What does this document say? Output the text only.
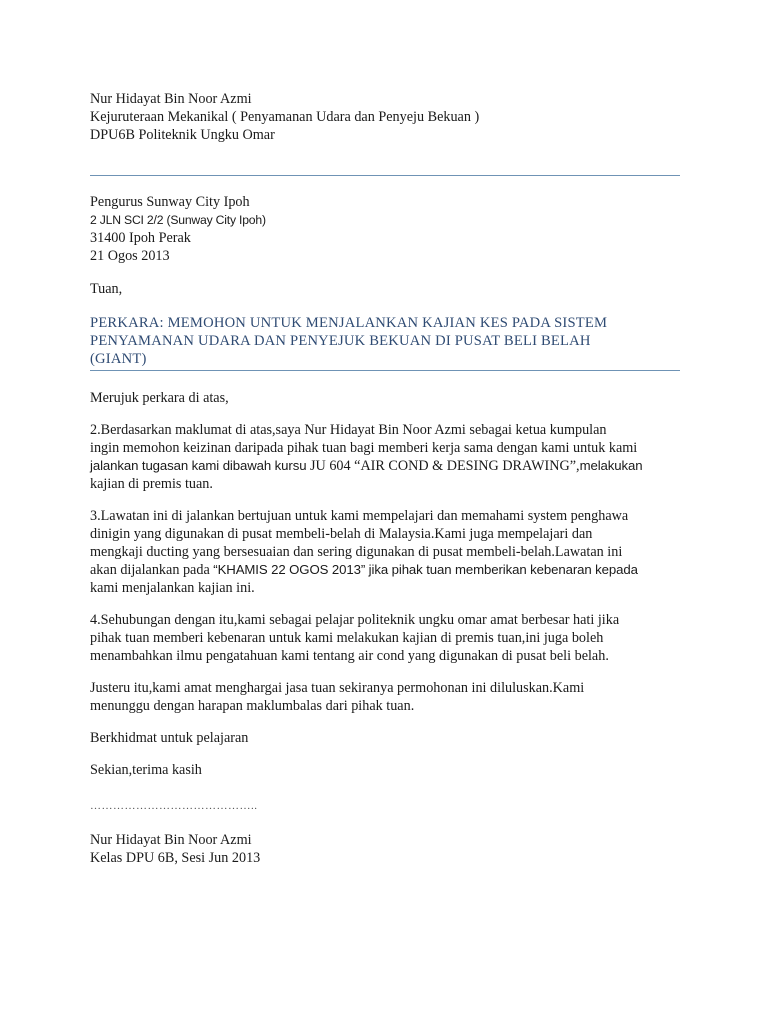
Nur Hidayat Bin Noor Azmi
Kejuruteraan Mekanikal ( Penyamanan Udara dan Penyeju Bekuan )
DPU6B Politeknik Ungku Omar
Pengurus Sunway City Ipoh
2 JLN SCI 2/2 (Sunway City Ipoh)
31400 Ipoh Perak
21 Ogos 2013
Tuan,
PERKARA: MEMOHON UNTUK MENJALANKAN KAJIAN KES PADA SISTEM
PENYAMANAN UDARA DAN PENYEJUK BEKUAN DI PUSAT BELI BELAH
(GIANT)
Merujuk perkara di atas,
2.Berdasarkan maklumat di atas,saya Nur Hidayat Bin Noor Azmi sebagai ketua kumpulan
ingin memohon keizinan daripada pihak tuan bagi memberi kerja sama dengan kami untuk kami
jalankan tugasan kami dibawah kursu JU 604 “AIR COND & DESING DRAWING”,melakukan
kajian di premis tuan.
3.Lawatan ini di jalankan bertujuan untuk kami mempelajari dan memahami system penghawa
dinigin yang digunakan di pusat membeli-belah di Malaysia.Kami juga mempelajari dan
mengkaji ducting yang bersesuaian dan sering digunakan di pusat membeli-belah.Lawatan ini
akan dijalankan pada “KHAMIS 22 OGOS 2013” jika pihak tuan memberikan kebenaran kepada
kami menjalankan kajian ini.
4.Sehubungan dengan itu,kami sebagai pelajar politeknik ungku omar amat berbesar hati jika
pihak tuan memberi kebenaran untuk kami melakukan kajian di premis tuan,ini juga boleh
menambahkan ilmu pengatahuan kami tentang air cond yang digunakan di pusat beli belah.
Justeru itu,kami amat menghargai jasa tuan sekiranya permohonan ini diluluskan.Kami
menunggu dengan harapan maklumbalas dari pihak tuan.
Berkhidmat untuk pelajaran
Sekian,terima kasih
……………………………………..
Nur Hidayat Bin Noor Azmi
Kelas DPU 6B, Sesi Jun 2013
